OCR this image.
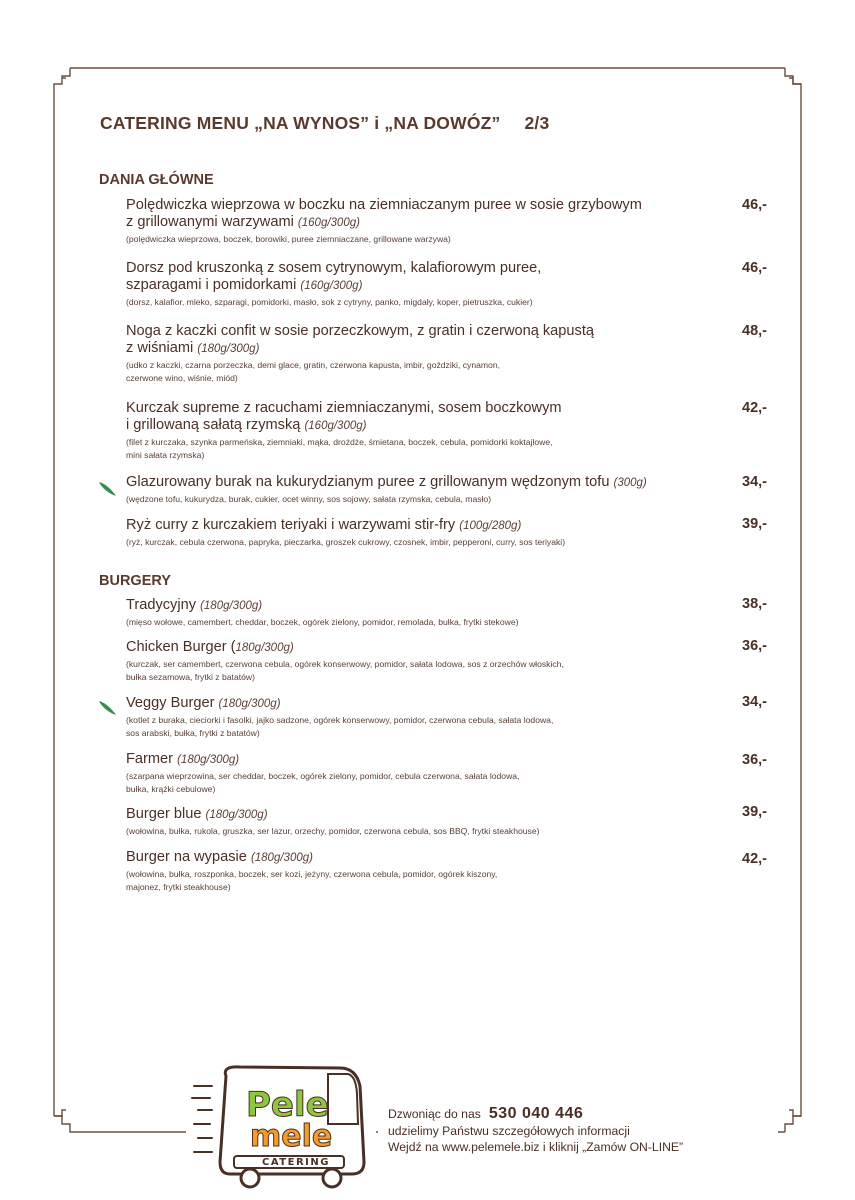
CATERING MENU „NA WYNOS” i „NA DOWÓZ” 2/3
DANIA GŁÓWNE
Polędwiczka wieprzowa w boczku na ziemniaczanym puree w sosie grzybowym
z grillowanymi warzywami (160g/300g)
(polędwiczka wieprzowa, boczek, borowiki, puree ziemniaczane, grillowane warzywa)
46,-
Dorsz pod kruszonką z sosem cytrynowym, kalafiorowym puree,
szparagami i pomidorkami (160g/300g)
(dorsz, kalafior, mleko, szparagi, pomidorki, masło, sok z cytryny, panko, migdały, koper, pietruszka, cukier)
46,-
Noga z kaczki confit w sosie porzeczkowym, z gratin i czerwoną kapustą
z wiśniami (180g/300g)
(udko z kaczki, czarna porzeczka, demi glace, gratin, czerwona kapusta, imbir, goździki, cynamon,
czerwone wino, wiśnie, miód)
48,-
Kurczak supreme z racuchami ziemniaczanymi, sosem boczkowym
i grillowaną sałatą rzymską (160g/300g)
(filet z kurczaka, szynka parmeńska, ziemniaki, mąka, drożdże, śmietana, boczek, cebula, pomidorki koktajlowe,
mini sałata rzymska)
42,-
Glazurowany burak na kukurydzianym puree z grillowanym wędzonym tofu (300g)
(wędzone tofu, kukurydza, burak, cukier, ocet winny, sos sojowy, sałata rzymska, cebula, masło)
34,-
Ryż curry z kurczakiem teriyaki i warzywami stir-fry (100g/280g)
(ryż, kurczak, cebula czerwona, papryka, pieczarka, groszek cukrowy, czosnek, imbir, pepperoni, curry, sos teriyaki)
39,-
BURGERY
Tradycyjny (180g/300g)
(mięso wołowe, camembert, cheddar, boczek, ogórek zielony, pomidor, remolada, bułka, frytki stekowe)
38,-
Chicken Burger (180g/300g)
(kurczak, ser camembert, czerwona cebula, ogórek konserwowy, pomidor, sałata lodowa, sos z orzechów włoskich,
bułka sezamowa, frytki z batatów)
36,-
Veggy Burger (180g/300g)
(kotlet z buraka, cieciorki i fasolki, jajko sadzone, ogórek konserwowy, pomidor, czerwona cebula, sałata lodowa,
sos arabski, bułka, frytki z batatów)
34,-
Farmer (180g/300g)
(szarpana wieprzowina, ser cheddar, boczek, ogórek zielony, pomidor, cebula czerwona, sałata lodowa,
bułka, krążki cebulowe)
36,-
Burger blue (180g/300g)
(wołowina, bułka, rukola, gruszka, ser lazur, orzechy, pomidor, czerwona cebula, sos BBQ, frytki steakhouse)
39,-
Burger na wypasie (180g/300g)
(wołowina, bułka, roszponka, boczek, ser kozi, jeżyny, czerwona cebula, pomidor, ogórek kiszony,
majonez, frytki steakhouse)
42,-
Pele
mele
CATERING
Dzwoniąc do nas 530 040 446
udzielimy Państwu szczegółowych informacji
Wejdź na www.pelemele.biz i kliknij „Zamów ON-LINE”
